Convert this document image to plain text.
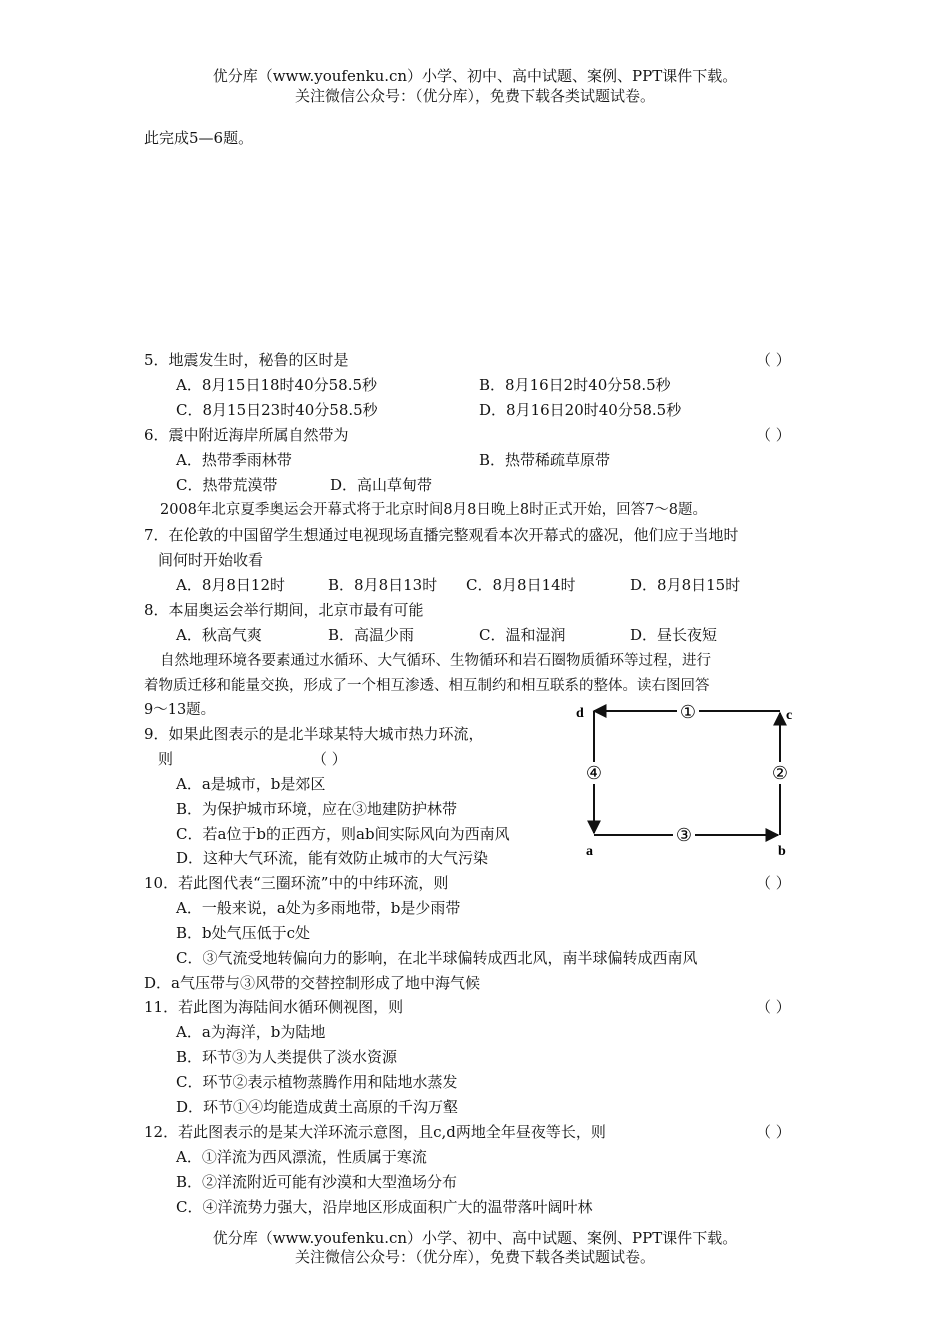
优分库（www.youfenku.cn）小学、初中、高中试题、案例、PPT课件下载。
关注微信公众号：（优分库），免费下载各类试题试卷。
此完成5—6题。
5．地震发生时，秘鲁的区时是	（ ）
A．8月15日18时40分58.5秒	B．8月16日2时40分58.5秒
C．8月15日23时40分58.5秒	D．8月16日20时40分58.5秒
6．震中附近海岸所属自然带为	（ ）
A．热带季雨林带	B．热带稀疏草原带
C．热带荒漠带	D．高山草甸带
2008年北京夏季奥运会开幕式将于北京时间8月8日晚上8时正式开始，回答7～8题。
7．在伦敦的中国留学生想通过电视现场直播完整观看本次开幕式的盛况，他们应于当地时
间何时开始收看
A．8月8日12时	B．8月8日13时 C．8月8日14时	D．8月8日15时
8．本届奥运会举行期间，北京市最有可能
A．秋高气爽	B．高温少雨	C．温和湿润	D．昼长夜短
自然地理环境各要素通过水循环、大气循环、生物循环和岩石圈物质循环等过程，进行
着物质迁移和能量交换，形成了一个相互渗透、相互制约和相互联系的整体。读右图回答
9～13题。	d	c
a	b
①
②
③
④
9．如果此图表示的是北半球某特大城市热力环流，
则	（ ）
A．a是城市，b是郊区
B．为保护城市环境，应在③地建防护林带
C．若a位于b的正西方，则ab间实际风向为西南风
D．这种大气环流，能有效防止城市的大气污染
10．若此图代表“三圈环流”中的中纬环流，则	（ ）
A．一般来说，a处为多雨地带，b是少雨带
B．b处气压低于c处
C．③气流受地转偏向力的影响，在北半球偏转成西北风，南半球偏转成西南风
D．a气压带与③风带的交替控制形成了地中海气候
11．若此图为海陆间水循环侧视图，则	（ ）
A．a为海洋，b为陆地
B．环节③为人类提供了淡水资源
C．环节②表示植物蒸腾作用和陆地水蒸发
D．环节①④均能造成黄土高原的千沟万壑
12．若此图表示的是某大洋环流示意图，且c,d两地全年昼夜等长，则	（ ）
A．①洋流为西风漂流，性质属于寒流
B．②洋流附近可能有沙漠和大型渔场分布
C．④洋流势力强大，沿岸地区形成面积广大的温带落叶阔叶林
优分库（www.youfenku.cn）小学、初中、高中试题、案例、PPT课件下载。
关注微信公众号：（优分库），免费下载各类试题试卷。
